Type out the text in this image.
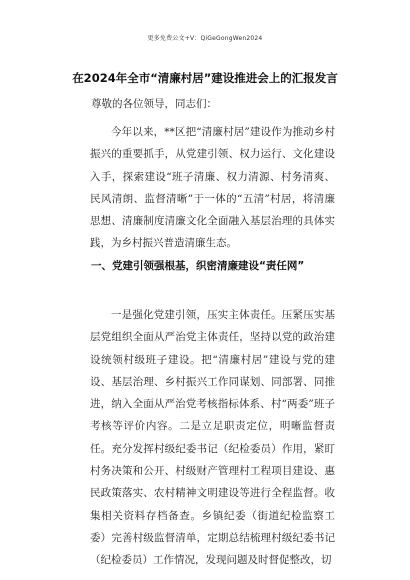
更多免费公文+V：QiGeGongWen2024
在2024年全市“清廉村居”建设推进会上的汇报发言
尊敬的各位领导，同志们：
今年以来，**区把“清廉村居”建设作为推动乡村振兴的重要抓手，从党建引领、权力运行、文化建设入手，探索建设“班子清廉、权力清源、村务清爽、民风清朗、监督清晰”于一体的“五清”村居，将清廉思想、清廉制度清廉文化全面融入基层治理的具体实践，为乡村振兴普造清廉生态。
一、党建引领强根基，织密清廉建设“责任网”
一是强化党建引领，压实主体责任。压紧压实基层党组织全面从严治党主体责任，坚持以党的政治建设统领村级班子建设。把“清廉村居”建设与党的建设、基层治理、乡村振兴工作同谋划、同部署、同推进，纳入全面从严治党考核指标体系、村“两委”班子考核等评价内容。二是立足职责定位，明晰监督责任。充分发挥村级纪委书记（纪检委员）作用，紧盯村务决策和公开、村级财产管理村工程项目建设、惠民政策落实、农村精神文明建设等进行全程监督。收集相关资料存档备查。乡镇纪委（街道纪检监察工委）完善村级监督清单，定期总结梳理村级纪委书记（纪检委员）工作情况，发现问题及时督促整改，切
